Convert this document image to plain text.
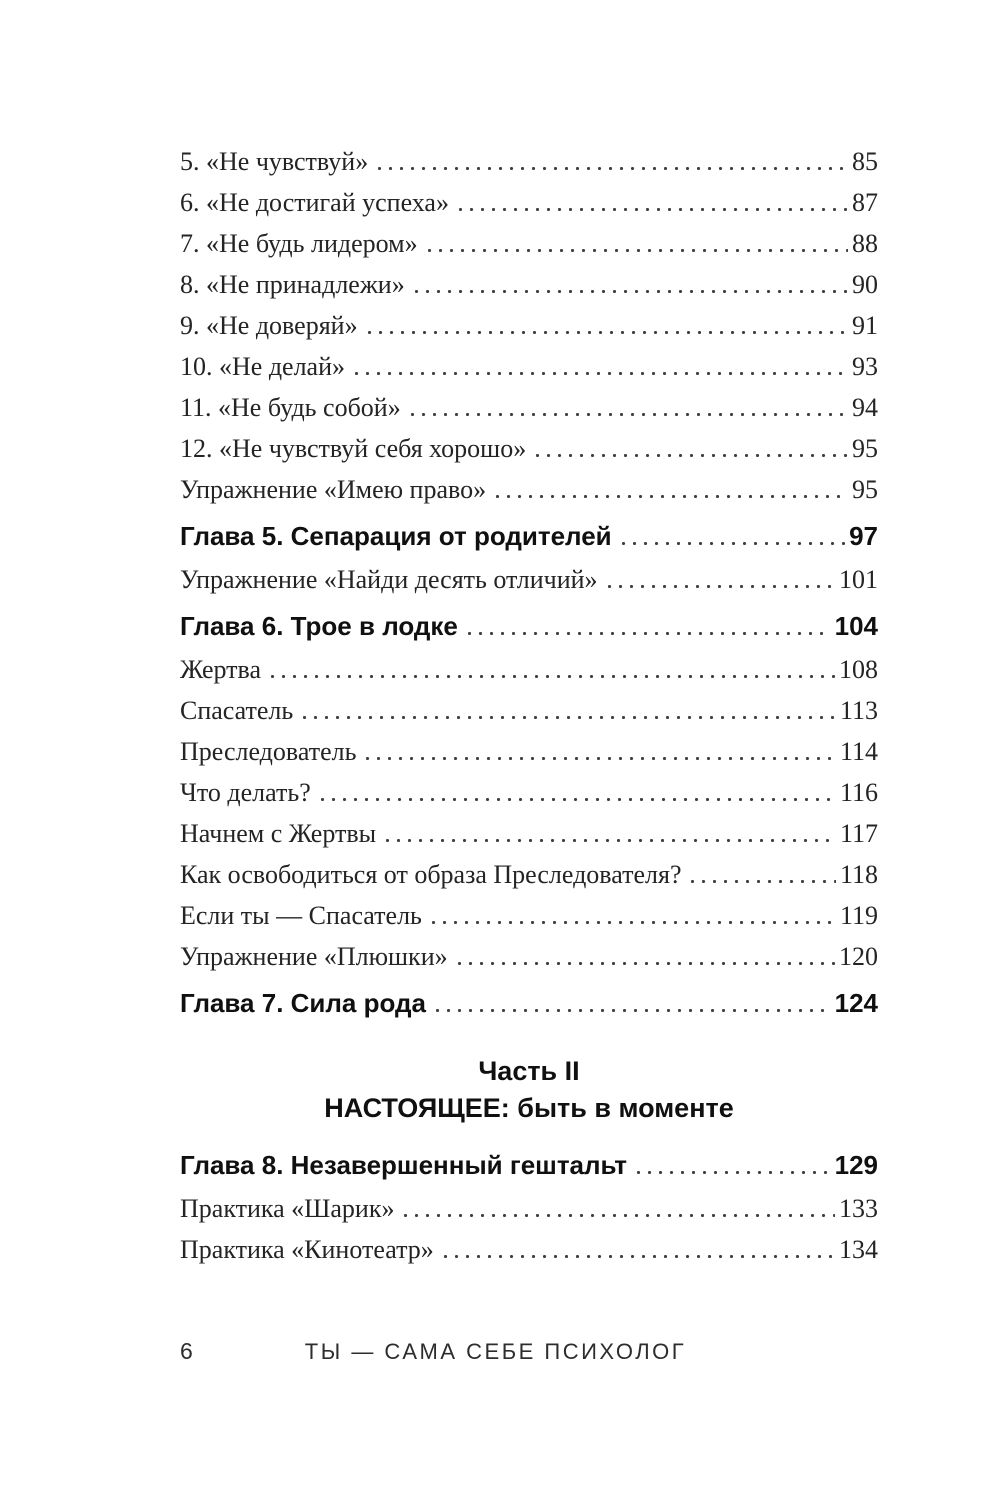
5. «Не чувствуй»	85
6. «Не достигай успеха»	87
7. «Не будь лидером»	88
8. «Не принадлежи»	90
9. «Не доверяй»	91
10. «Не делай»	93
11. «Не будь собой»	94
12. «Не чувствуй себя хорошо»	95
Упражнение «Имею право»	95
Глава 5. Сепарация от родителей	97
Упражнение «Найди десять отличий»	101
Глава 6. Трое в лодке	104
Жертва	108
Спасатель	113
Преследователь	114
Что делать?	116
Начнем с Жертвы	117
Как освободиться от образа Преследователя?	118
Если ты — Спасатель	119
Упражнение «Плюшки»	120
Глава 7. Сила рода	124
Часть II
НАСТОЯЩЕЕ: быть в моменте
Глава 8. Незавершенный гештальт	129
Практика «Шарик»	133
Практика «Кинотеатр»	134
6	ТЫ — САМА СЕБЕ ПСИХОЛОГ
